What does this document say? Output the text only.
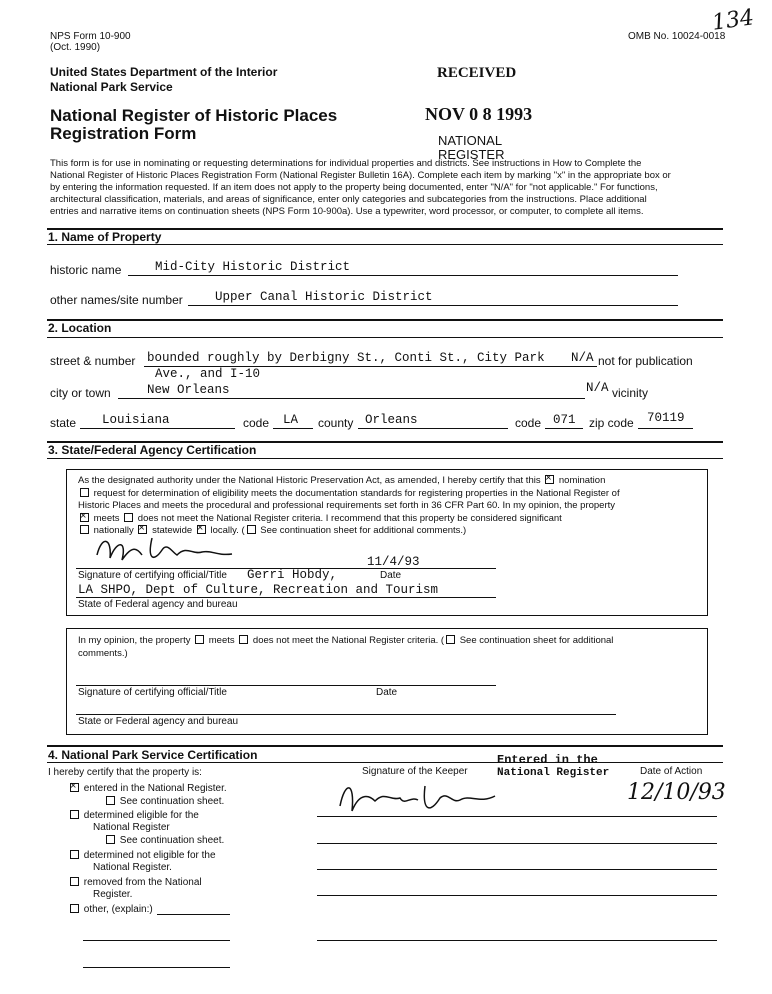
NPS Form 10-900
(Oct. 1990)
OMB No. 10024-0018
134
United States Department of the Interior
National Park Service
National Register of Historic Places
Registration Form
RECEIVED
NOV 0 8 1993
NATIONAL
REGISTER
This form is for use in nominating or requesting determinations for individual properties and districts. See instructions in How to Complete the
National Register of Historic Places Registration Form (National Register Bulletin 16A). Complete each item by marking "x" in the appropriate box or
by entering the information requested. If an item does not apply to the property being documented, enter "N/A" for "not applicable." For functions,
architectural classification, materials, and areas of significance, enter only categories and subcategories from the instructions. Place additional
entries and narrative items on continuation sheets (NPS Form 10-900a). Use a typewriter, word processor, or computer, to complete all items.
1. Name of Property
historic name	Mid-City Historic District
other names/site number	Upper Canal Historic District
2. Location
street & number bounded roughly by Derbigny St., Conti St., City Park
Ave., and I-10
N/A not for publication
city or town	New Orleans	N/A vicinity
state Louisiana	code LA county Orleans	code 071 zip code 70119
3. State/Federal Agency Certification
As the designated authority under the National Historic Preservation Act, as amended, I hereby certify that this × nomination
request for determination of eligibility meets the documentation standards for registering properties in the National Register of
Historic Places and meets the procedural and professional requirements set forth in 36 CFR Part 60. In my opinion, the property
× meets does not meet the National Register criteria. I recommend that this property be considered significant
nationally × statewide × locally. ( See continuation sheet for additional comments.)
11/4/93
Signature of certifying official/Title Gerri Hobdy,	Date
LA SHPO, Dept of Culture, Recreation and Tourism
State of Federal agency and bureau
In my opinion, the property meets does not meet the National Register criteria. ( See continuation sheet for additional
comments.)
Signature of certifying official/Title	Date
State or Federal agency and bureau
4. National Park Service Certification
I hereby certify that the property is:
× entered in the National Register.
See continuation sheet.
determined eligible for the
National Register
See continuation sheet.
determined not eligible for the
National Register.
removed from the National
Register.
other, (explain:)
Signature of the Keeper	Date of Action
Entered in the
National Register
12/10/93
